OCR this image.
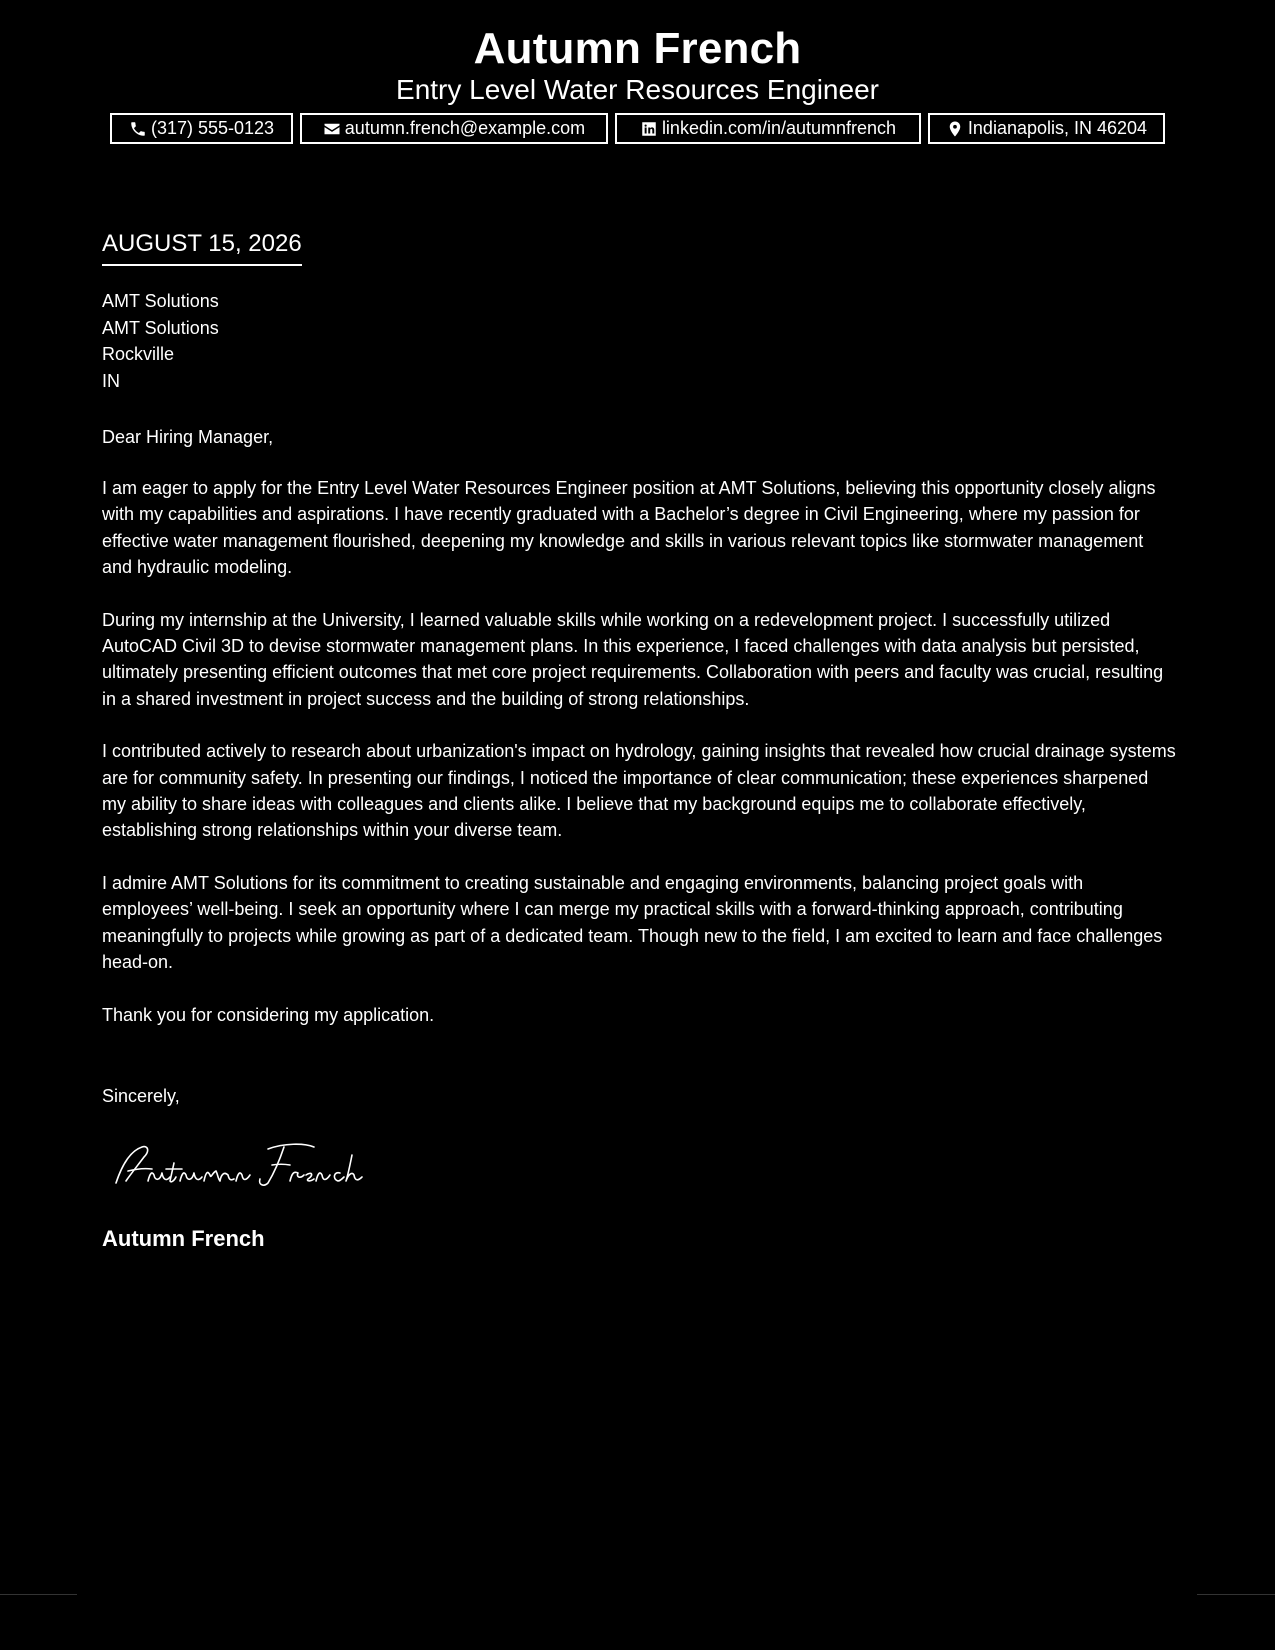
Autumn French
Entry Level Water Resources Engineer
(317) 555-0123	autumn.french@example.com	linkedin.com/in/autumnfrench	Indianapolis, IN 46204
AUGUST 15, 2026
AMT Solutions
AMT Solutions
Rockville
IN
Dear Hiring Manager,

I am eager to apply for the Entry Level Water Resources Engineer position at AMT Solutions, believing this opportunity closely aligns with my capabilities and aspirations. I have recently graduated with a Bachelor’s degree in Civil Engineering, where my passion for effective water management flourished, deepening my knowledge and skills in various relevant topics like stormwater management and hydraulic modeling.

During my internship at the University, I learned valuable skills while working on a redevelopment project. I successfully utilized AutoCAD Civil 3D to devise stormwater management plans. In this experience, I faced challenges with data analysis but persisted, ultimately presenting efficient outcomes that met core project requirements. Collaboration with peers and faculty was crucial, resulting in a shared investment in project success and the building of strong relationships.

I contributed actively to research about urbanization's impact on hydrology, gaining insights that revealed how crucial drainage systems are for community safety. In presenting our findings, I noticed the importance of clear communication; these experiences sharpened my ability to share ideas with colleagues and clients alike. I believe that my background equips me to collaborate effectively, establishing strong relationships within your diverse team.

I admire AMT Solutions for its commitment to creating sustainable and engaging environments, balancing project goals with employees’ well-being. I seek an opportunity where I can merge my practical skills with a forward-thinking approach, contributing meaningfully to projects while growing as part of a dedicated team. Though new to the field, I am excited to learn and face challenges head-on.

Thank you for considering my application.

Sincerely,
Autumn French
